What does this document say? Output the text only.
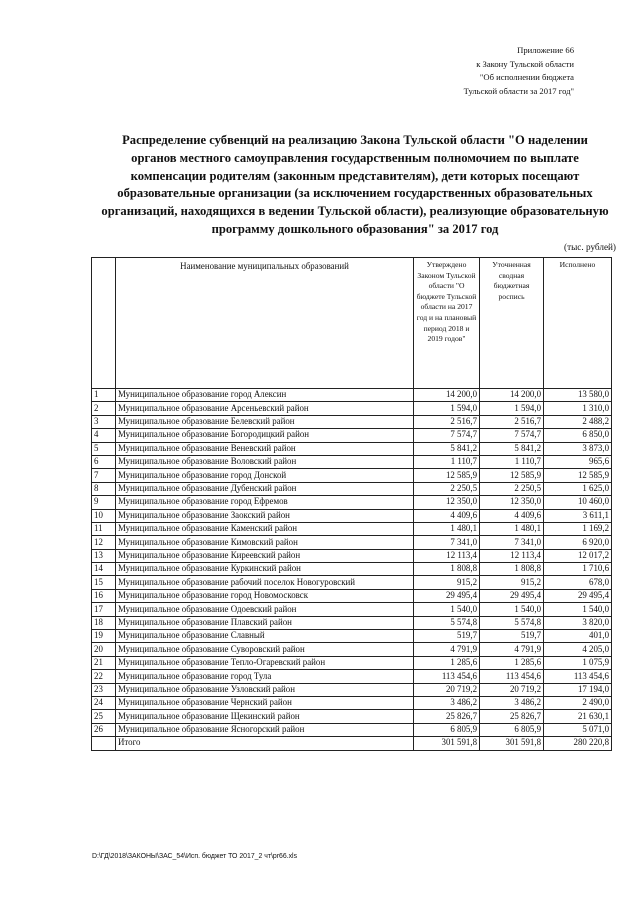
Приложение 66
к Закону Тульской области
"Об исполнении бюджета
Тульской области за 2017 год"
Распределение субвенций на реализацию Закона Тульской области "О наделении органов местного самоуправления государственным полномочием по выплате компенсации родителям (законным представителям), дети которых посещают образовательные организации (за исключением государственных образовательных организаций, находящихся в ведении Тульской области), реализующие образовательную программу дошкольного образования" за 2017 год
(тыс. рублей)
	Наименование муниципальных образований	Утверждено Законом Тульской области "О бюджете Тульской области на 2017 год и на плановый период 2018 и 2019 годов"	Уточненная сводная бюджетная роспись	Исполнено
1	Муниципальное образование город Алексин	14 200,0	14 200,0	13 580,0
2	Муниципальное образование Арсеньевский район	1 594,0	1 594,0	1 310,0
3	Муниципальное образование Белевский район	2 516,7	2 516,7	2 488,2
4	Муниципальное образование Богородицкий район	7 574,7	7 574,7	6 850,0
5	Муниципальное образование Веневский район	5 841,2	5 841,2	3 873,0
6	Муниципальное образование Воловский район	1 110,7	1 110,7	965,6
7	Муниципальное образование город Донской	12 585,9	12 585,9	12 585,9
8	Муниципальное образование Дубенский район	2 250,5	2 250,5	1 625,0
9	Муниципальное образование город Ефремов	12 350,0	12 350,0	10 460,0
10	Муниципальное образование Заокский район	4 409,6	4 409,6	3 611,1
11	Муниципальное образование Каменский район	1 480,1	1 480,1	1 169,2
12	Муниципальное образование Кимовский район	7 341,0	7 341,0	6 920,0
13	Муниципальное образование Киреевский район	12 113,4	12 113,4	12 017,2
14	Муниципальное образование Куркинский район	1 808,8	1 808,8	1 710,6
15	Муниципальное образование рабочий поселок Новогуровский	915,2	915,2	678,0
16	Муниципальное образование город Новомосковск	29 495,4	29 495,4	29 495,4
17	Муниципальное образование Одоевский район	1 540,0	1 540,0	1 540,0
18	Муниципальное образование Плавский район	5 574,8	5 574,8	3 820,0
19	Муниципальное образование Славный	519,7	519,7	401,0
20	Муниципальное образование Суворовский район	4 791,9	4 791,9	4 205,0
21	Муниципальное образование Тепло-Огаревский район	1 285,6	1 285,6	1 075,9
22	Муниципальное образование город Тула	113 454,6	113 454,6	113 454,6
23	Муниципальное образование Узловский район	20 719,2	20 719,2	17 194,0
24	Муниципальное образование Чернский район	3 486,2	3 486,2	2 490,0
25	Муниципальное образование Щекинский район	25 826,7	25 826,7	21 630,1
26	Муниципальное образование Ясногорский район	6 805,9	6 805,9	5 071,0
	Итого	301 591,8	301 591,8	280 220,8
D:\ГД\2018\ЗАКОНЫ\ЗАС_54\Исп. бюджет ТО 2017_2 чт\pr66.xls
